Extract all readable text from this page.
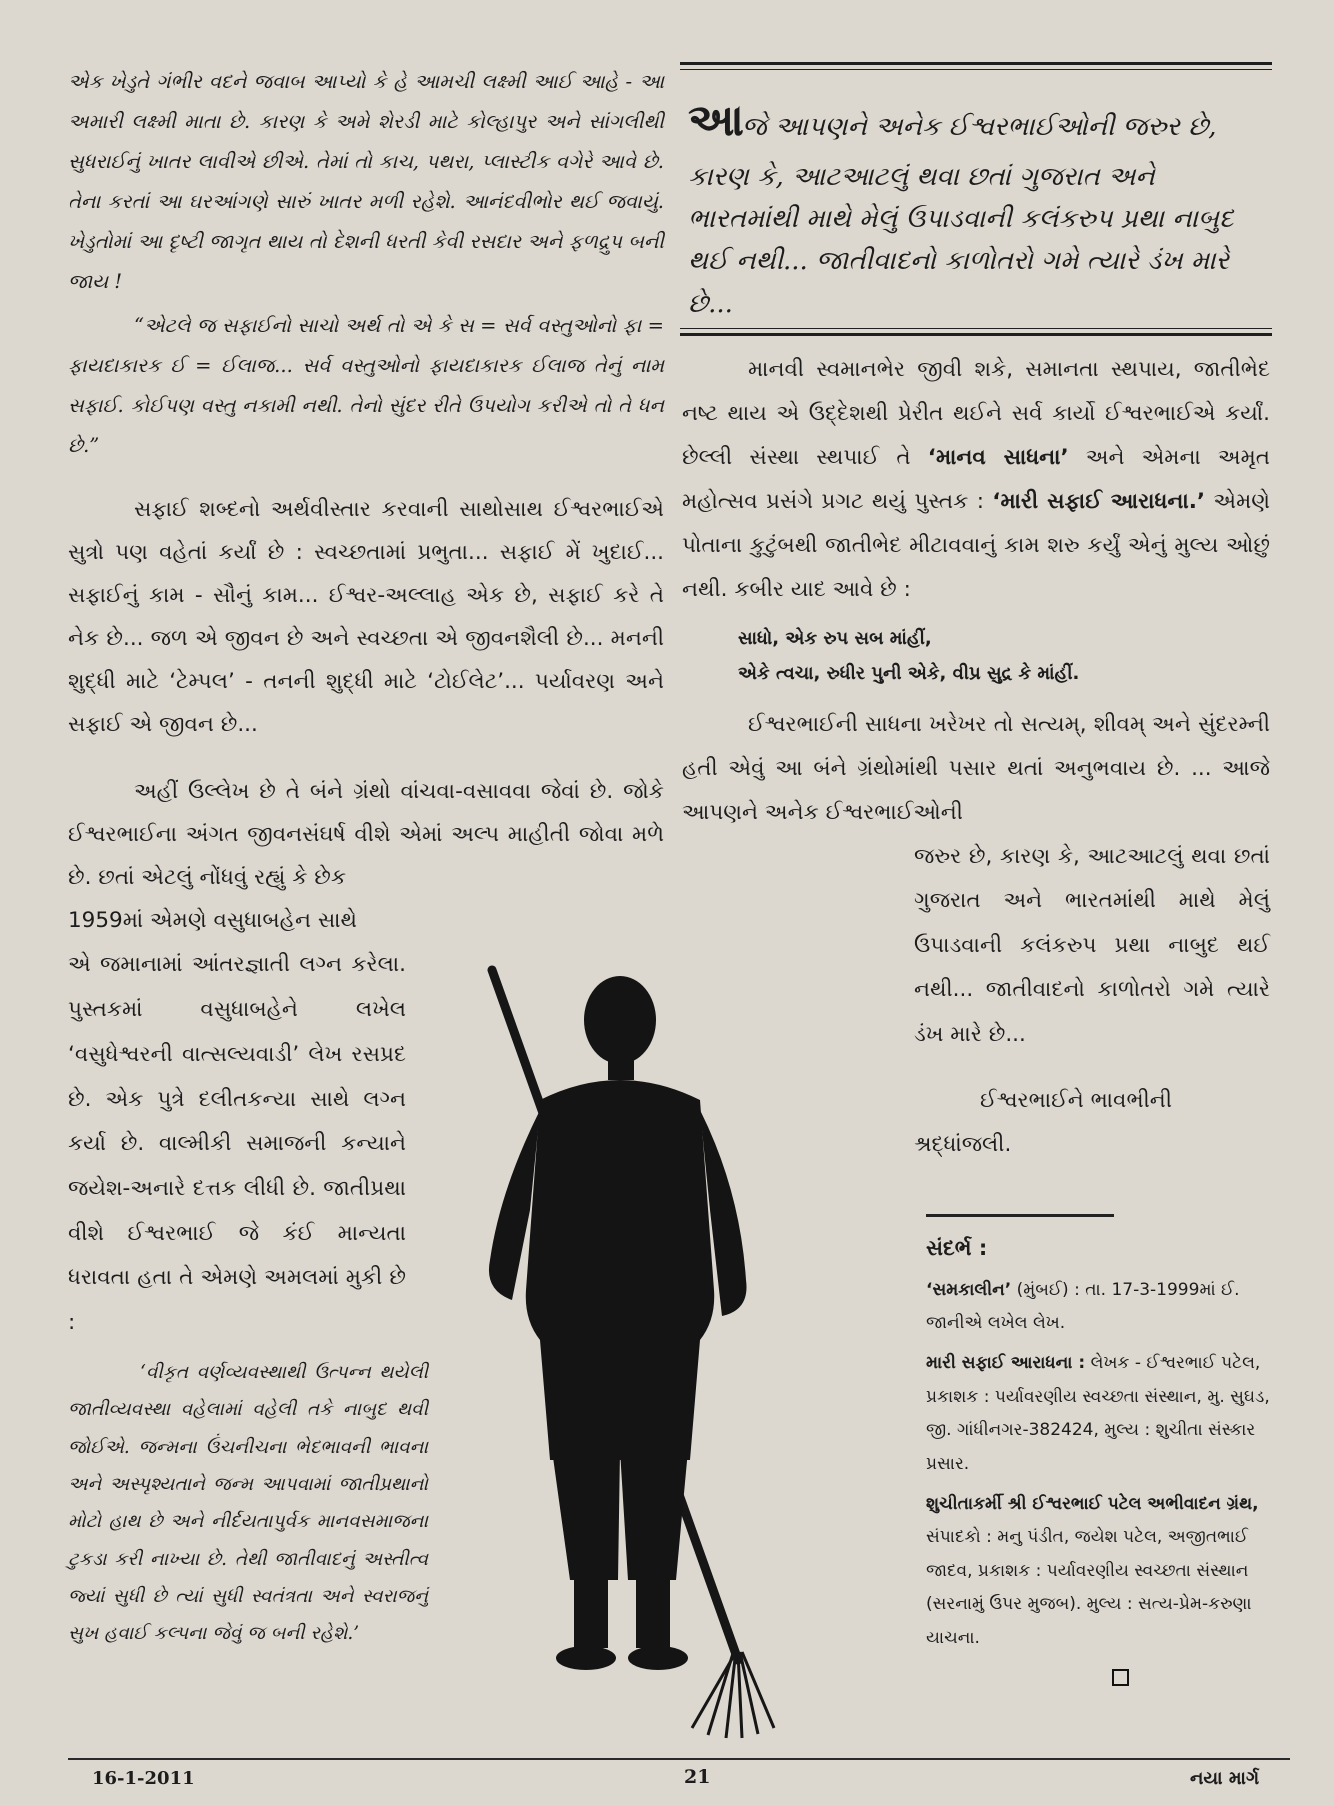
એક ખેડુતે ગંભીર વદને જવાબ આપ્યો કે હે આમચી લક્ષ્મી આઈ આહે - આ અમારી લક્ષ્મી માતા છે. કારણ કે અમે શેરડી માટે કોલ્હાપુર અને સાંગલીથી સુધરાઈનું ખાતર લાવીએ છીએ. તેમાં તો કાચ, પથરા, પ્લાસ્ટીક વગેરે આવે છે. તેના કરતાં આ ઘરઆંગણે સારું ખાતર મળી રહેશે. આનંદવીભોર થઈ જવાયું. ખેડુતોમાં આ દૃષ્ટી જાગૃત થાય તો દેશની ધરતી કેવી રસદાર અને ફળદ્રુપ બની જાય !

“એટલે જ સફાઈનો સાચો અર્થ તો એ કે સ = સર્વ વસ્તુઓનો ફા = ફાયદાકારક ઈ = ઈલાજ... સર્વ વસ્તુઓનો ફાયદાકારક ઈલાજ તેનું નામ સફાઈ. કોઈપણ વસ્તુ નકામી નથી. તેનો સુંદર રીતે ઉપયોગ કરીએ તો તે ધન છે.”

સફાઈ શબ્દનો અર્થવીસ્તાર કરવાની સાથોસાથ ઈશ્વરભાઈએ સુત્રો પણ વહેતાં કર્યાં છે : સ્વચ્છતામાં પ્રભુતા... સફાઈ મેં ખુદાઈ... સફાઈનું કામ - સૌનું કામ... ઈશ્વર-અલ્લાહ એક છે, સફાઈ કરે તે નેક છે... જળ એ જીવન છે અને સ્વચ્છતા એ જીવનશૈલી છે... મનની શુદ્ધી માટે ‘ટેમ્પલ’ - તનની શુદ્ધી માટે ‘ટોઈલેટ’... પર્યાવરણ અને સફાઈ એ જીવન છે...

અહીં ઉલ્લેખ છે તે બંને ગ્રંથો વાંચવા-વસાવવા જેવાં છે. જોકે ઈશ્વરભાઈના અંગત જીવનસંઘર્ષ વીશે એમાં અલ્પ માહીતી જોવા મળે છે. છતાં એટલું નોંધવું રહ્યું કે છેક

1959માં એમણે વસુધાબહેન સાથે

એ જમાનામાં આંતરજ્ઞાતી લગ્ન કરેલા. પુસ્તકમાં વસુધાબહેને લખેલ ‘વસુધેશ્વરની વાત્સલ્યવાડી’ લેખ રસપ્રદ છે. એક પુત્રે દલીતકન્યા સાથે લગ્ન કર્યા છે. વાલ્મીકી સમાજની કન્યાને જયેશ-અનારે દત્તક લીધી છે. જાતીપ્રથા વીશે ઈશ્વરભાઈ જે કંઈ માન્યતા ધરાવતા હતા તે એમણે અમલમાં મુકી છે :

‘વીકૃત વર્ણવ્યવસ્થાથી ઉત્પન્ન થયેલી જાતીવ્યવસ્થા વહેલામાં વહેલી તકે નાબુદ થવી જોઈએ. જન્મના ઉંચનીચના ભેદભાવની ભાવના અને અસ્પૃશ્યતાને જન્મ આપવામાં જાતીપ્રથાનો મોટો હાથ છે અને નીર્દયતાપુર્વક માનવસમાજના ટુકડા કરી નાખ્યા છે. તેથી જાતીવાદનું અસ્તીત્વ જ્યાં સુધી છે ત્યાં સુધી સ્વતંત્રતા અને સ્વરાજનું સુખ હવાઈ કલ્પના જેવું જ બની રહેશે.’

આજે આપણને અનેક ઈશ્વરભાઈઓની જરુર છે, કારણ કે, આટઆટલું થવા છતાં ગુજરાત અને ભારતમાંથી માથે મેલું ઉપાડવાની કલંકરુપ પ્રથા નાબુદ થઈ નથી... જાતીવાદનો કાળોતરો ગમે ત્યારે ડંખ મારે છે...

માનવી સ્વમાનભેર જીવી શકે, સમાનતા સ્થપાય, જાતીભેદ નષ્ટ થાય એ ઉદ્દેશથી પ્રેરીત થઈને સર્વ કાર્યો ઈશ્વરભાઈએ કર્યાં. છેલ્લી સંસ્થા સ્થપાઈ તે ‘માનવ સાધના’ અને એમના અમૃત મહોત્સવ પ્રસંગે પ્રગટ થયું પુસ્તક : ‘મારી સફાઈ આરાધના.’ એમણે પોતાના કુટુંબથી જાતીભેદ મીટાવવાનું કામ શરુ કર્યું એનું મુલ્ય ઓછું નથી. કબીર યાદ આવે છે :

સાધો, એક રુપ સબ માંહીં,
એકે ત્વચા, રુધીર પુની એકે, વીપ્ર સુદ્ર કે માંહીં.

ઈશ્વરભાઈની સાધના ખરેખર તો સત્યમ્, શીવમ્ અને સુંદરમ્ની હતી એવું આ બંને ગ્રંથોમાંથી પસાર થતાં અનુભવાય છે. ... આજે આપણને અનેક ઈશ્વરભાઈઓની

જરુર છે, કારણ કે, આટઆટલું થવા છતાં ગુજરાત અને ભારતમાંથી માથે મેલું ઉપાડવાની કલંકરુપ પ્રથા નાબુદ થઈ નથી... જાતીવાદનો કાળોતરો ગમે ત્યારે ડંખ મારે છે...

ઈશ્વરભાઈને ભાવભીની શ્રદ્ધાંજલી.

સંદર્ભ :

‘સમકાલીન’ (મુંબઈ) : તા. 17-3-1999માં ઈ. જાનીએ લખેલ લેખ.

મારી સફાઈ આરાધના : લેખક - ઈશ્વરભાઈ પટેલ, પ્રકાશક : પર્યાવરણીય સ્વચ્છતા સંસ્થાન, મુ. સુઘડ, જી. ગાંધીનગર-382424, મુલ્ય : શુચીતા સંસ્કાર પ્રસાર.

શુચીતાકર્મી શ્રી ઈશ્વરભાઈ પટેલ અભીવાદન ગ્રંથ, સંપાદકો : મનુ પંડીત, જયેશ પટેલ, અજીતભાઈ જાદવ, પ્રકાશક : પર્યાવરણીય સ્વચ્છતા સંસ્થાન (સરનામું ઉપર મુજબ). મુલ્ય : સત્ય-પ્રેમ-કરુણા યાચના.

16-1-2011	21	નયા માર્ગ
